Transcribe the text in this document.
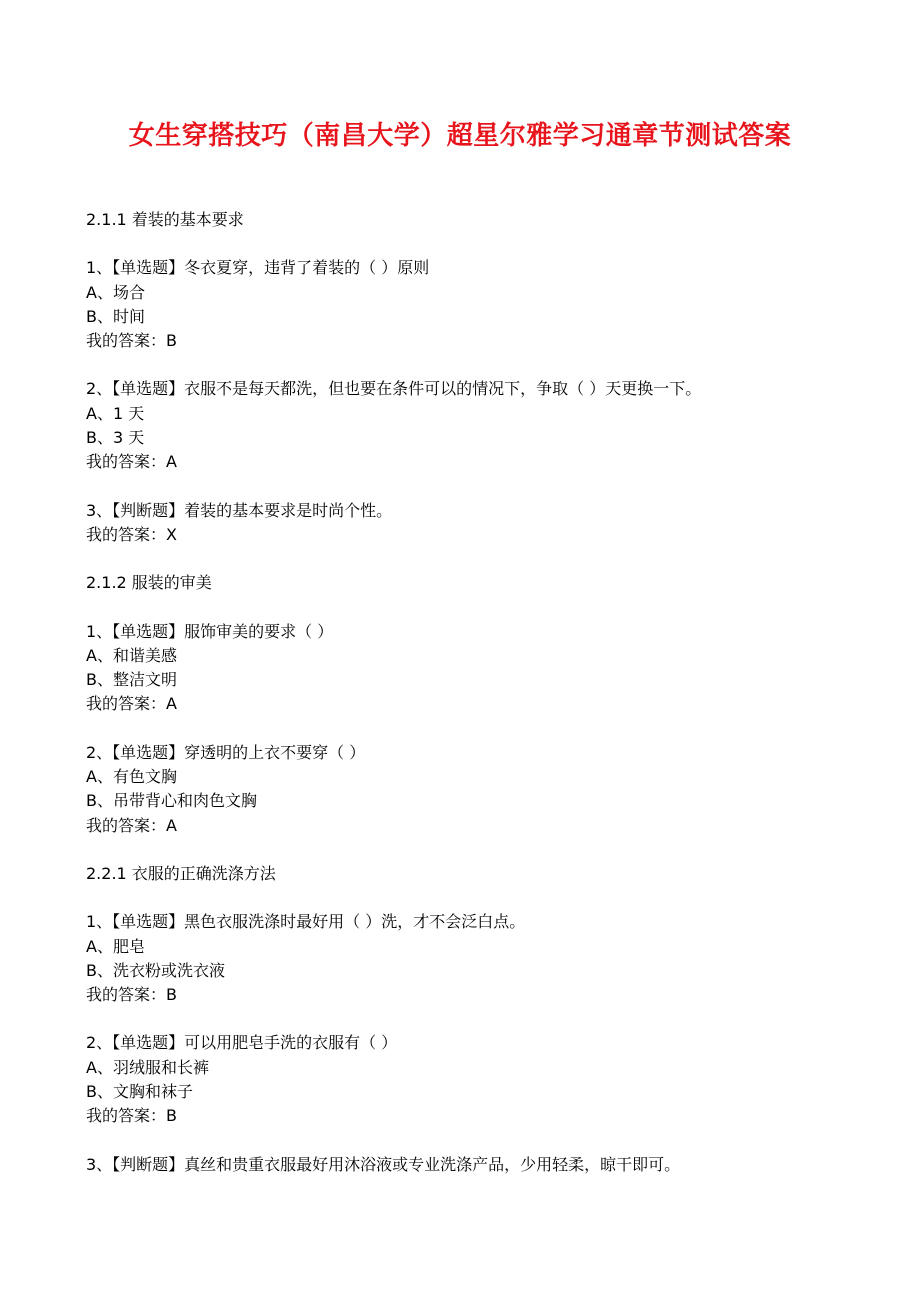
女生穿搭技巧（南昌大学）超星尔雅学习通章节测试答案
2.1.1 着装的基本要求
1、【单选题】冬衣夏穿，违背了着装的（ ）原则
A、场合
B、时间
我的答案：B
2、【单选题】衣服不是每天都洗，但也要在条件可以的情况下，争取（ ）天更换一下。
A、1 天
B、3 天
我的答案：A
3、【判断题】着装的基本要求是时尚个性。
我的答案：X
2.1.2 服装的审美
1、【单选题】服饰审美的要求（ ）
A、和谐美感
B、整洁文明
我的答案：A
2、【单选题】穿透明的上衣不要穿（ ）
A、有色文胸
B、吊带背心和肉色文胸
我的答案：A
2.2.1 衣服的正确洗涤方法
1、【单选题】黑色衣服洗涤时最好用（ ）洗，才不会泛白点。
A、肥皂
B、洗衣粉或洗衣液
我的答案：B
2、【单选题】可以用肥皂手洗的衣服有（ ）
A、羽绒服和长裤
B、文胸和袜子
我的答案：B
3、【判断题】真丝和贵重衣服最好用沐浴液或专业洗涤产品，少用轻柔，晾干即可。
